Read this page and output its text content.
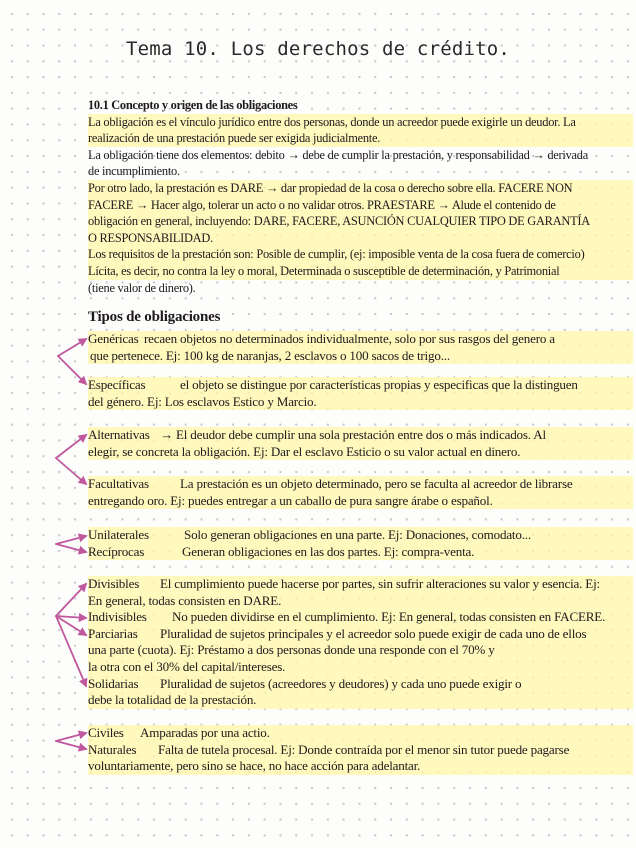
Tema 10. Los derechos de crédito.
10.1 Concepto y origen de las obligaciones
La obligación es el vínculo jurídico entre dos personas, donde un acreedor puede exigirle un deudor. La
realización de una prestación puede ser exigida judicialmente.
La obligación tiene dos elementos: debito → debe de cumplir la prestación, y responsabilidad → derivada
de incumplimiento.
Por otro lado, la prestación es DARE → dar propiedad de la cosa o derecho sobre ella. FACERE NON
FACERE → Hacer algo, tolerar un acto o no validar otros. PRAESTARE → Alude el contenido de
obligación en general, incluyendo: DARE, FACERE, ASUNCIÓN CUALQUIER TIPO DE GARANTÍA
O RESPONSABILIDAD.
Los requisitos de la prestación son: Posible de cumplir, (ej: imposible venta de la cosa fuera de comercio)
Lícita, es decir, no contra la ley o moral, Determinada o susceptible de determinación, y Patrimonial
(tiene valor de dinero).
Tipos de obligaciones
Genéricas recaen objetos no determinados individualmente, solo por sus rasgos del genero a
que pertenece. Ej: 100 kg de naranjas, 2 esclavos o 100 sacos de trigo...
Específicas	el objeto se distingue por características propias y especificas que la distinguen
del género. Ej: Los esclavos Estico y Marcio.
Alternativas → El deudor debe cumplir una sola prestación entre dos o más indicados. Al
elegir, se concreta la obligación. Ej: Dar el esclavo Esticio o su valor actual en dinero.
Facultativas La prestación es un objeto determinado, pero se faculta al acreedor de librarse
entregando oro. Ej: puedes entregar a un caballo de pura sangre árabe o español.
Unilaterales	Solo generan obligaciones en una parte. Ej: Donaciones, comodato...
Recíprocas	Generan obligaciones en las dos partes. Ej: compra-venta.
Divisibles El cumplimiento puede hacerse por partes, sin sufrir alteraciones su valor y esencia. Ej:
En general, todas consisten en DARE.
Indivisibles No pueden dividirse en el cumplimiento. Ej: En general, todas consisten en FACERE.
Parciarias Pluralidad de sujetos principales y el acreedor solo puede exigir de cada uno de ellos
una parte (cuota). Ej: Préstamo a dos personas donde una responde con el 70% y
la otra con el 30% del capital/intereses.
Solidarias Pluralidad de sujetos (acreedores y deudores) y cada uno puede exigir o
debe la totalidad de la prestación.
Civiles Amparadas por una actio.
Naturales Falta de tutela procesal. Ej: Donde contraída por el menor sin tutor puede pagarse
voluntariamente, pero sino se hace, no hace acción para adelantar.
